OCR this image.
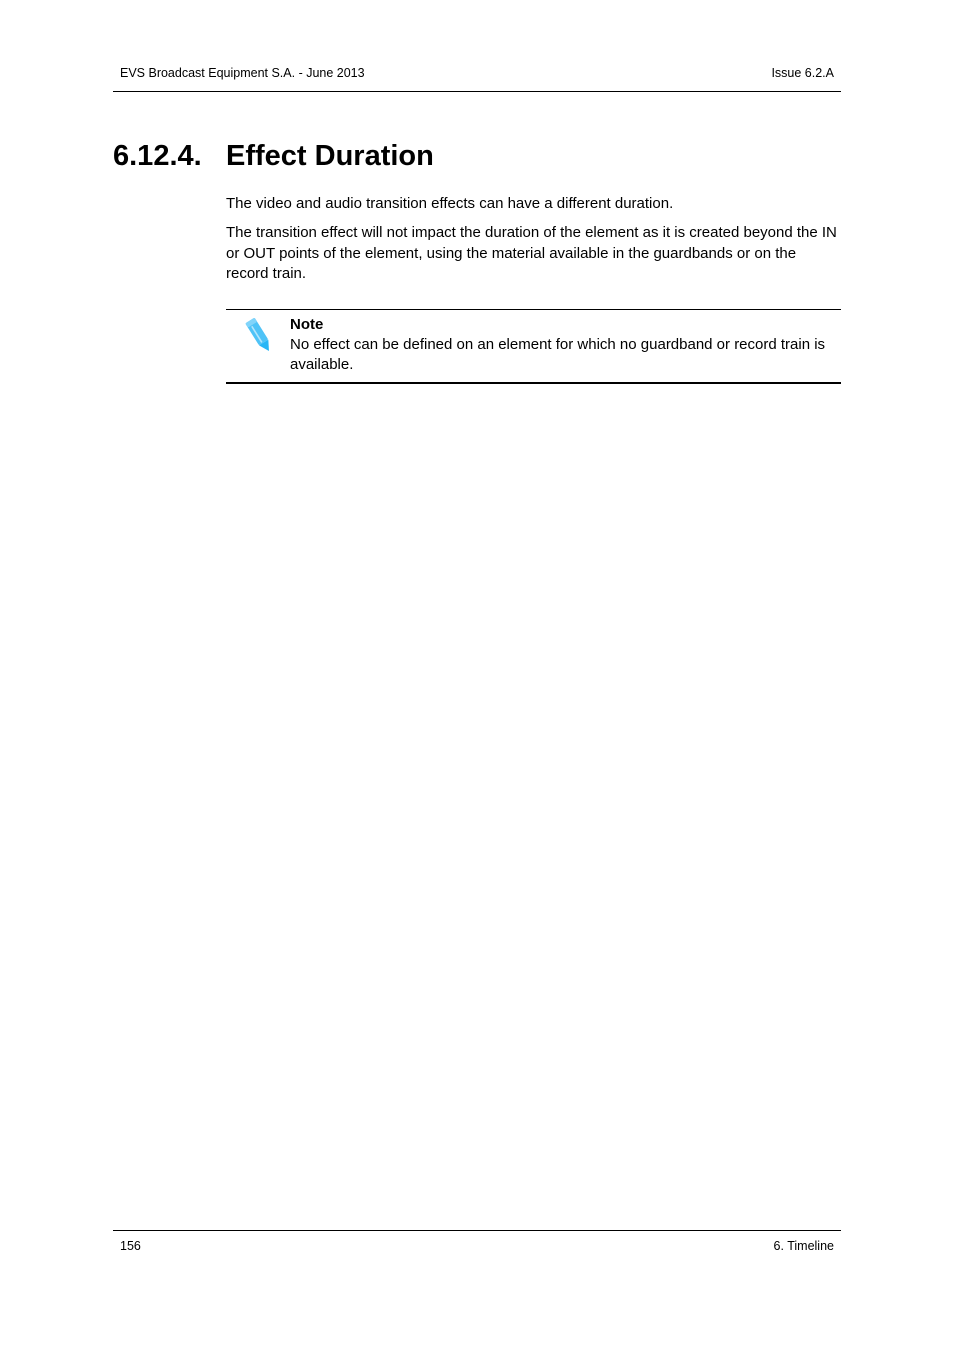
EVS Broadcast Equipment S.A. - June 2013	Issue 6.2.A
6.12.4. Effect Duration

The video and audio transition effects can have a different duration.

The transition effect will not impact the duration of the element as it is created beyond the IN or OUT points of the element, using the material available in the guardbands or on the record train.

Note
No effect can be defined on an element for which no guardband or record train is available.
156	6. Timeline
